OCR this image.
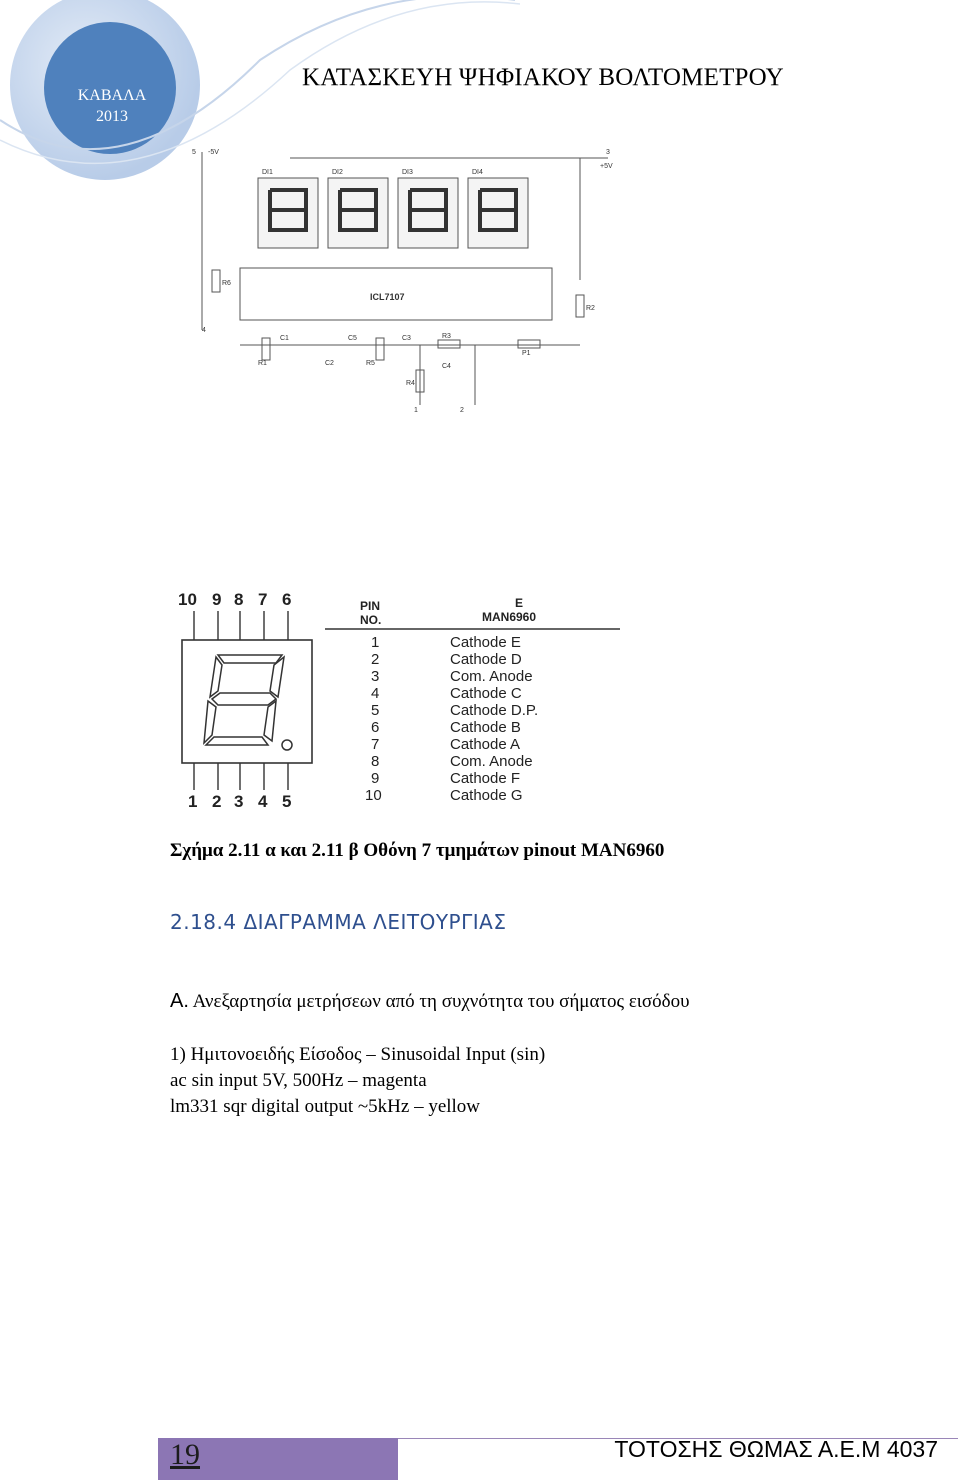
ΚΑΒΑΛΑ
2013
ΚΑΤΑΣΚΕΥΗ ΨΗΦΙΑΚΟΥ ΒΟΛΤΟΜΕΤΡΟΥ
DI1	DI2	DI3	DI4
ICL7107
5 -5V	3
+5V
4
1	2
R6
R2
R1	R5
R3
R4
C1
C2
C5	C3
C4
P1
10 9 8 7 6
1 2 3 4 5
PIN
NO.
E
MAN6960
1	Cathode E
2	Cathode D
3	Com. Anode
4	Cathode C
5	Cathode D.P.
6	Cathode B
7	Cathode A
8	Com. Anode
9	Cathode F
10	Cathode G
Σχήμα 2.11 α και 2.11 β Οθόνη 7 τμημάτων pinout MAN6960
2.18.4 ΔΙΑΓΡΑΜΜΑ ΛΕΙΤΟΥΡΓΙΑΣ
Α. Ανεξαρτησία μετρήσεων από τη συχνότητα του σήματος εισόδου
1) Ημιτονοειδής Είσοδος – Sinusoidal Input (sin)
ac sin input 5V, 500Hz – magenta
lm331 sqr digital output ~5kHz – yellow
19	ΤΟΤΟΣΗΣ ΘΩΜΑΣ Α.Ε.Μ 4037
